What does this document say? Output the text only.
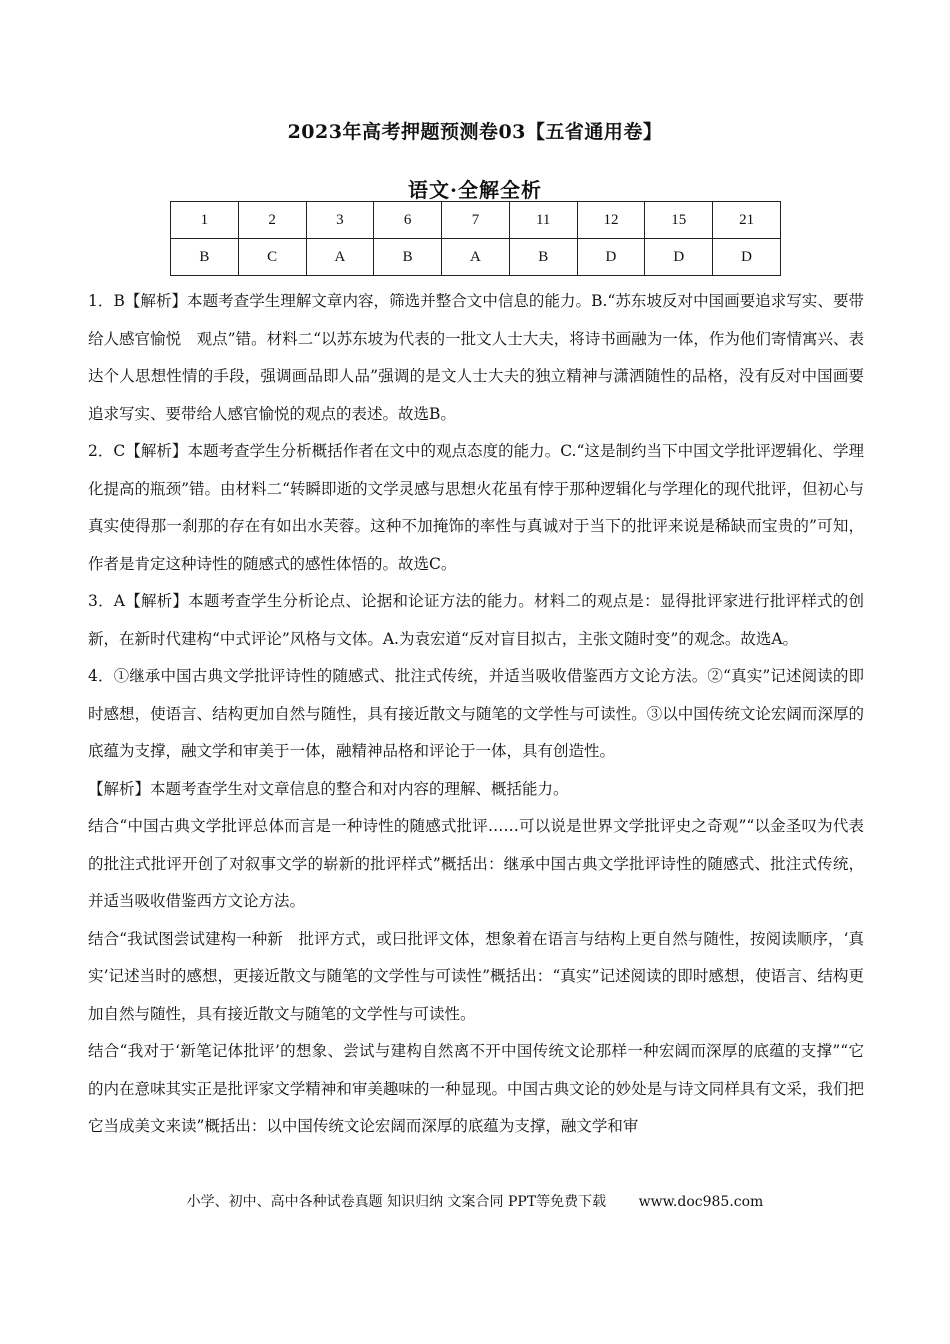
2023年高考押题预测卷03【五省通用卷】
语文·全解全析
1	2	3	6	7	11	12	15	21
B	C	A	B	A	B	D	D	D

1．B【解析】本题考查学生理解文章内容，筛选并整合文中信息的能力。B.“苏东坡反对中国画要追求写实、要带给人感官愉悦　观点”错。材料二“以苏东坡为代表的一批文人士大夫，将诗书画融为一体，作为他们寄情寓兴、表达个人思想性情的手段，强调画品即人品”强调的是文人士大夫的独立精神与潇洒随性的品格，没有反对中国画要追求写实、要带给人感官愉悦的观点的表述。故选B。

2．C【解析】本题考查学生分析概括作者在文中的观点态度的能力。C.“这是制约当下中国文学批评逻辑化、学理化提高的瓶颈”错。由材料二“转瞬即逝的文学灵感与思想火花虽有悖于那种逻辑化与学理化的现代批评，但初心与真实使得那一刹那的存在有如出水芙蓉。这种不加掩饰的率性与真诚对于当下的批评来说是稀缺而宝贵的”可知，作者是肯定这种诗性的随感式的感性体悟的。故选C。

3．A【解析】本题考查学生分析论点、论据和论证方法的能力。材料二的观点是：显得批评家进行批评样式的创新，在新时代建构“中式评论”风格与文体。A.为袁宏道“反对盲目拟古，主张文随时变”的观念。故选A。

4．①继承中国古典文学批评诗性的随感式、批注式传统，并适当吸收借鉴西方文论方法。②“真实”记述阅读的即时感想，使语言、结构更加自然与随性，具有接近散文与随笔的文学性与可读性。③以中国传统文论宏阔而深厚的底蕴为支撑，融文学和审美于一体，融精神品格和评论于一体，具有创造性。

【解析】本题考查学生对文章信息的整合和对内容的理解、概括能力。

结合“中国古典文学批评总体而言是一种诗性的随感式批评……可以说是世界文学批评史之奇观”“以金圣叹为代表的批注式批评开创了对叙事文学的崭新的批评样式”概括出：继承中国古典文学批评诗性的随感式、批注式传统，并适当吸收借鉴西方文论方法。

结合“我试图尝试建构一种新　批评方式，或曰批评文体，想象着在语言与结构上更自然与随性，按阅读顺序，‘真实’记述当时的感想，更接近散文与随笔的文学性与可读性”概括出：“真实”记述阅读的即时感想，使语言、结构更加自然与随性，具有接近散文与随笔的文学性与可读性。

结合“我对于‘新笔记体批评’的想象、尝试与建构自然离不开中国传统文论那样一种宏阔而深厚的底蕴的支撑”“它的内在意味其实正是批评家文学精神和审美趣味的一种显现。中国古典文论的妙处是与诗文同样具有文采，我们把它当成美文来读”概括出：以中国传统文论宏阔而深厚的底蕴为支撑，融文学和审

小学、初中、高中各种试卷真题 知识归纳 文案合同 PPT等免费下载 www.doc985.com
